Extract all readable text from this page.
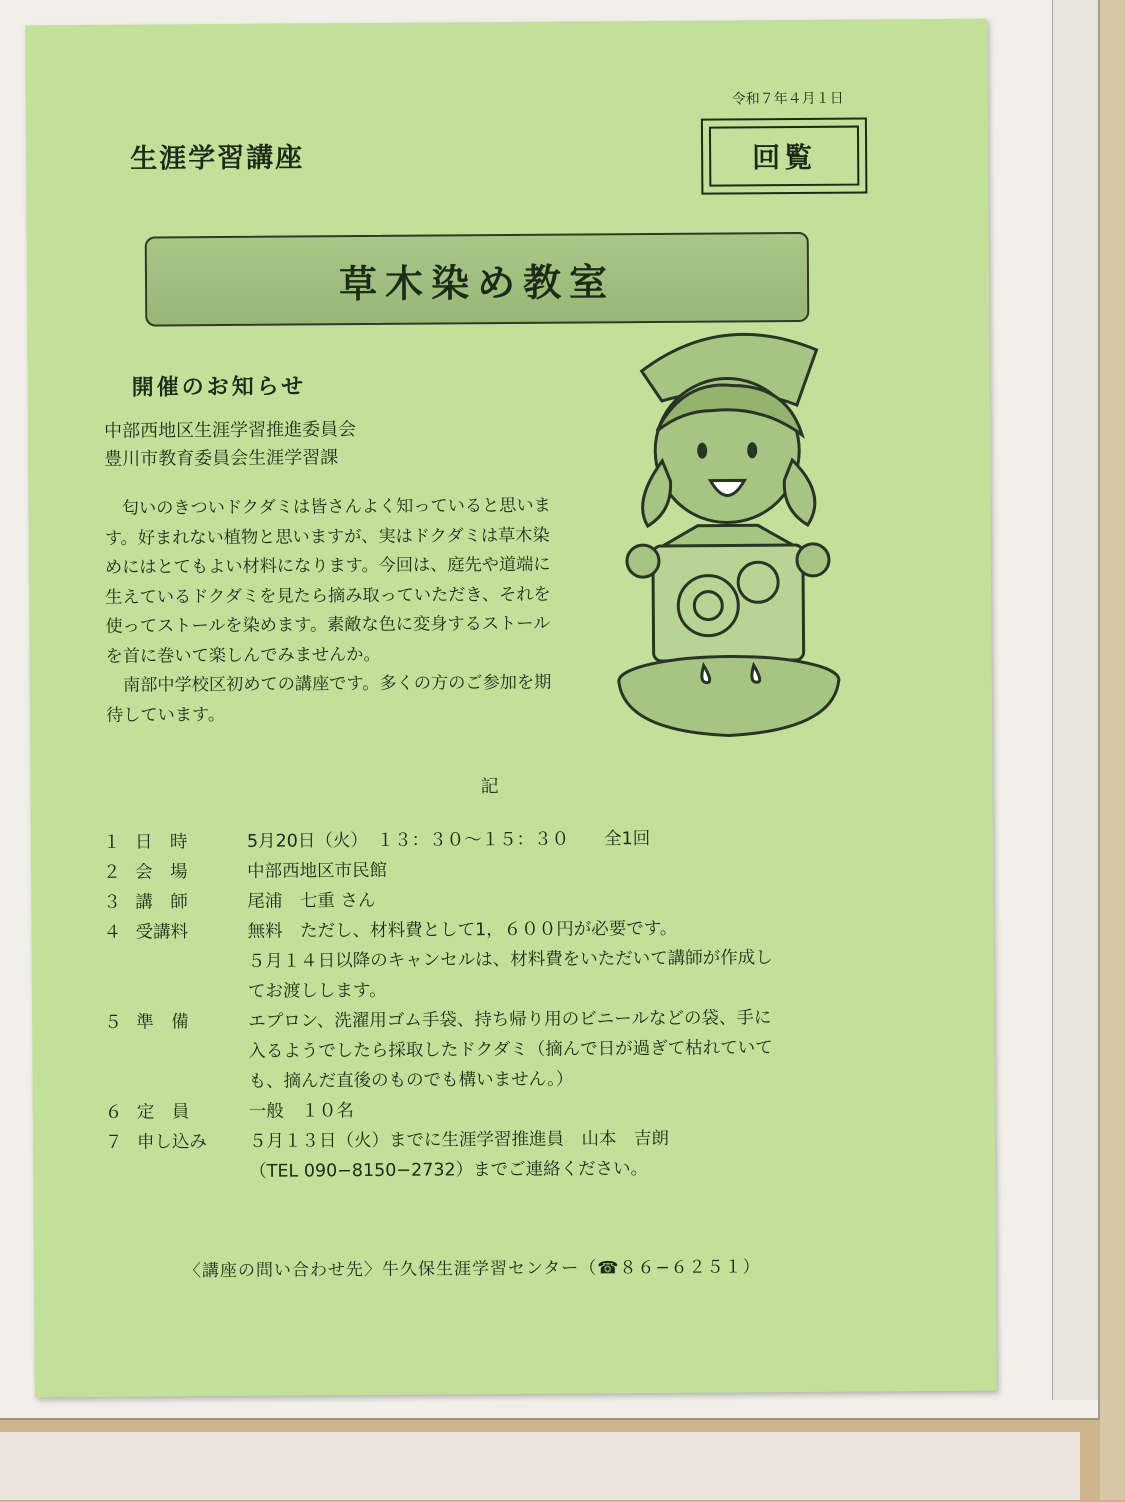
令和７年４月１日
生涯学習講座	回覧
草木染め教室
開催のお知らせ
中部西地区生涯学習推進委員会
豊川市教育委員会生涯学習課

匂いのきついドクダミは皆さんよく知っていると思います。好まれない植物と思いますが、実はドクダミは草木染めにはとてもよい材料になります。今回は、庭先や道端に生えているドクダミを見たら摘み取っていただき、それを使ってストールを染めます。素敵な色に変身するストールを首に巻いて楽しんでみませんか。

南部中学校区初めての講座です。多くの方のご参加を期待しています。

記
１ 日　時	5月20日（火）　１３：３０〜１５：３０　　全1回
２ 会　場	中部西地区市民館
３ 講　師	尾浦　七重 さん
４ 受講料	無料　ただし、材料費として1，６００円が必要です。
５月１４日以降のキャンセルは、材料費をいただいて講師が作成し
てお渡しします。
５ 準　備	エプロン、洗濯用ゴム手袋、持ち帰り用のビニールなどの袋、手に
入るようでしたら採取したドクダミ（摘んで日が過ぎて枯れていて
も、摘んだ直後のものでも構いません。）
６ 定　員	一般　１０名
７ 申し込み	５月１３日（火）までに生涯学習推進員　山本　吉朗
（TEL 090−8150−2732）までご連絡ください。
〈講座の問い合わせ先〉牛久保生涯学習センター（☎８６−６２５１）
